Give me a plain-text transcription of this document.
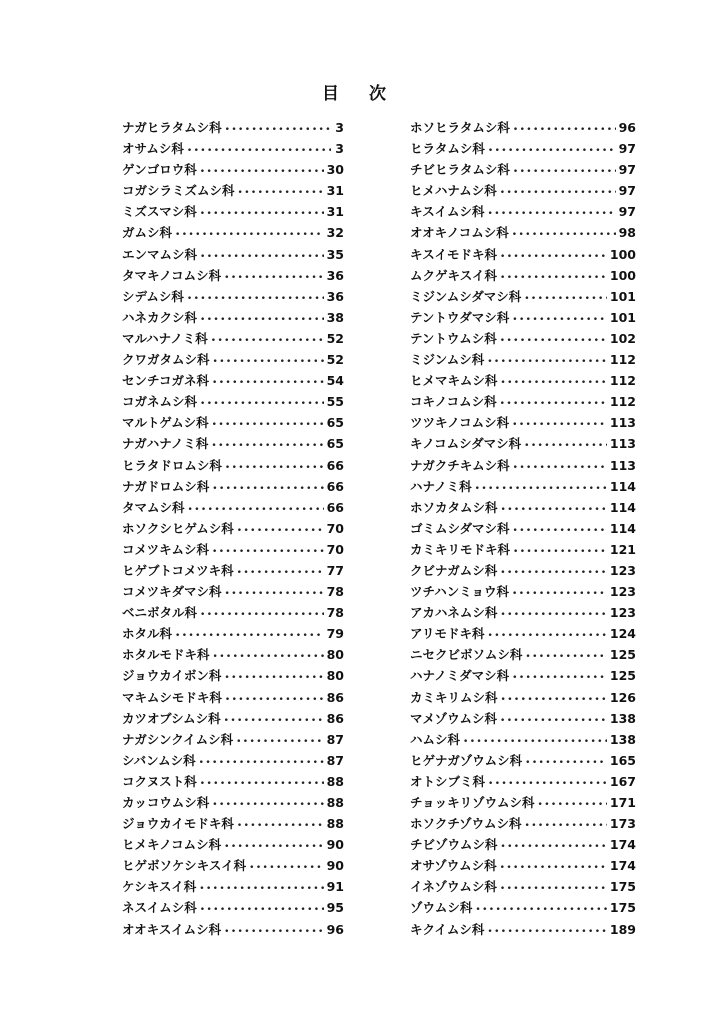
目 次
ナガヒラタムシ科 •••••	3
オサムシ科 •••••	3
ゲンゴロウ科 •••••	30
コガシラミズムシ科 •••••	31
ミズスマシ科 •••••	31
ガムシ科 •••••	32
エンマムシ科 •••••	35
タマキノコムシ科 •••••	36
シデムシ科 •••••	36
ハネカクシ科 •••••	38
マルハナノミ科 •••••	52
クワガタムシ科 •••••	52
センチコガネ科 •••••	54
コガネムシ科 •••••	55
マルトゲムシ科 •••••	65
ナガハナノミ科 •••••	65
ヒラタドロムシ科 •••••	66
ナガドロムシ科 •••••	66
タマムシ科 •••••	66
ホソクシヒゲムシ科 •••••	70
コメツキムシ科 •••••	70
ヒゲブトコメツキ科 •••••	77
コメツキダマシ科 •••••	78
ベニボタル科 •••••	78
ホタル科 •••••	79
ホタルモドキ科 •••••	80
ジョウカイボン科 •••••	80
マキムシモドキ科 •••••	86
カツオブシムシ科 •••••	86
ナガシンクイムシ科 •••••	87
シバンムシ科 •••••	87
コクヌスト科 •••••	88
カッコウムシ科 •••••	88
ジョウカイモドキ科 •••••	88
ヒメキノコムシ科 •••••	90
ヒゲボソケシキスイ科 •••••	90
ケシキスイ科 •••••	91
ネスイムシ科 •••••	95
オオキスイムシ科 •••••	96
ホソヒラタムシ科 •••••	96
ヒラタムシ科 •••••	97
チビヒラタムシ科 •••••	97
ヒメハナムシ科 •••••	97
キスイムシ科 •••••	97
オオキノコムシ科 •••••	98
キスイモドキ科 •••••	100
ムクゲキスイ科 •••••	100
ミジンムシダマシ科 •••••	101
テントウダマシ科 •••••	101
テントウムシ科 •••••	102
ミジンムシ科 •••••	112
ヒメマキムシ科 •••••	112
コキノコムシ科 •••••	112
ツツキノコムシ科 •••••	113
キノコムシダマシ科 •••••	113
ナガクチキムシ科 •••••	113
ハナノミ科 •••••	114
ホソカタムシ科 •••••	114
ゴミムシダマシ科 •••••	114
カミキリモドキ科 •••••	121
クビナガムシ科 •••••	123
ツチハンミョウ科 •••••	123
アカハネムシ科 •••••	123
アリモドキ科 •••••	124
ニセクビボソムシ科 •••••	125
ハナノミダマシ科 •••••	125
カミキリムシ科 •••••	126
マメゾウムシ科 •••••	138
ハムシ科 •••••	138
ヒゲナガゾウムシ科 •••••	165
オトシブミ科 •••••	167
チョッキリゾウムシ科 •••••	171
ホソクチゾウムシ科 •••••	173
チビゾウムシ科 •••••	174
オサゾウムシ科 •••••	174
イネゾウムシ科 •••••	175
ゾウムシ科 •••••	175
キクイムシ科 •••••	189
